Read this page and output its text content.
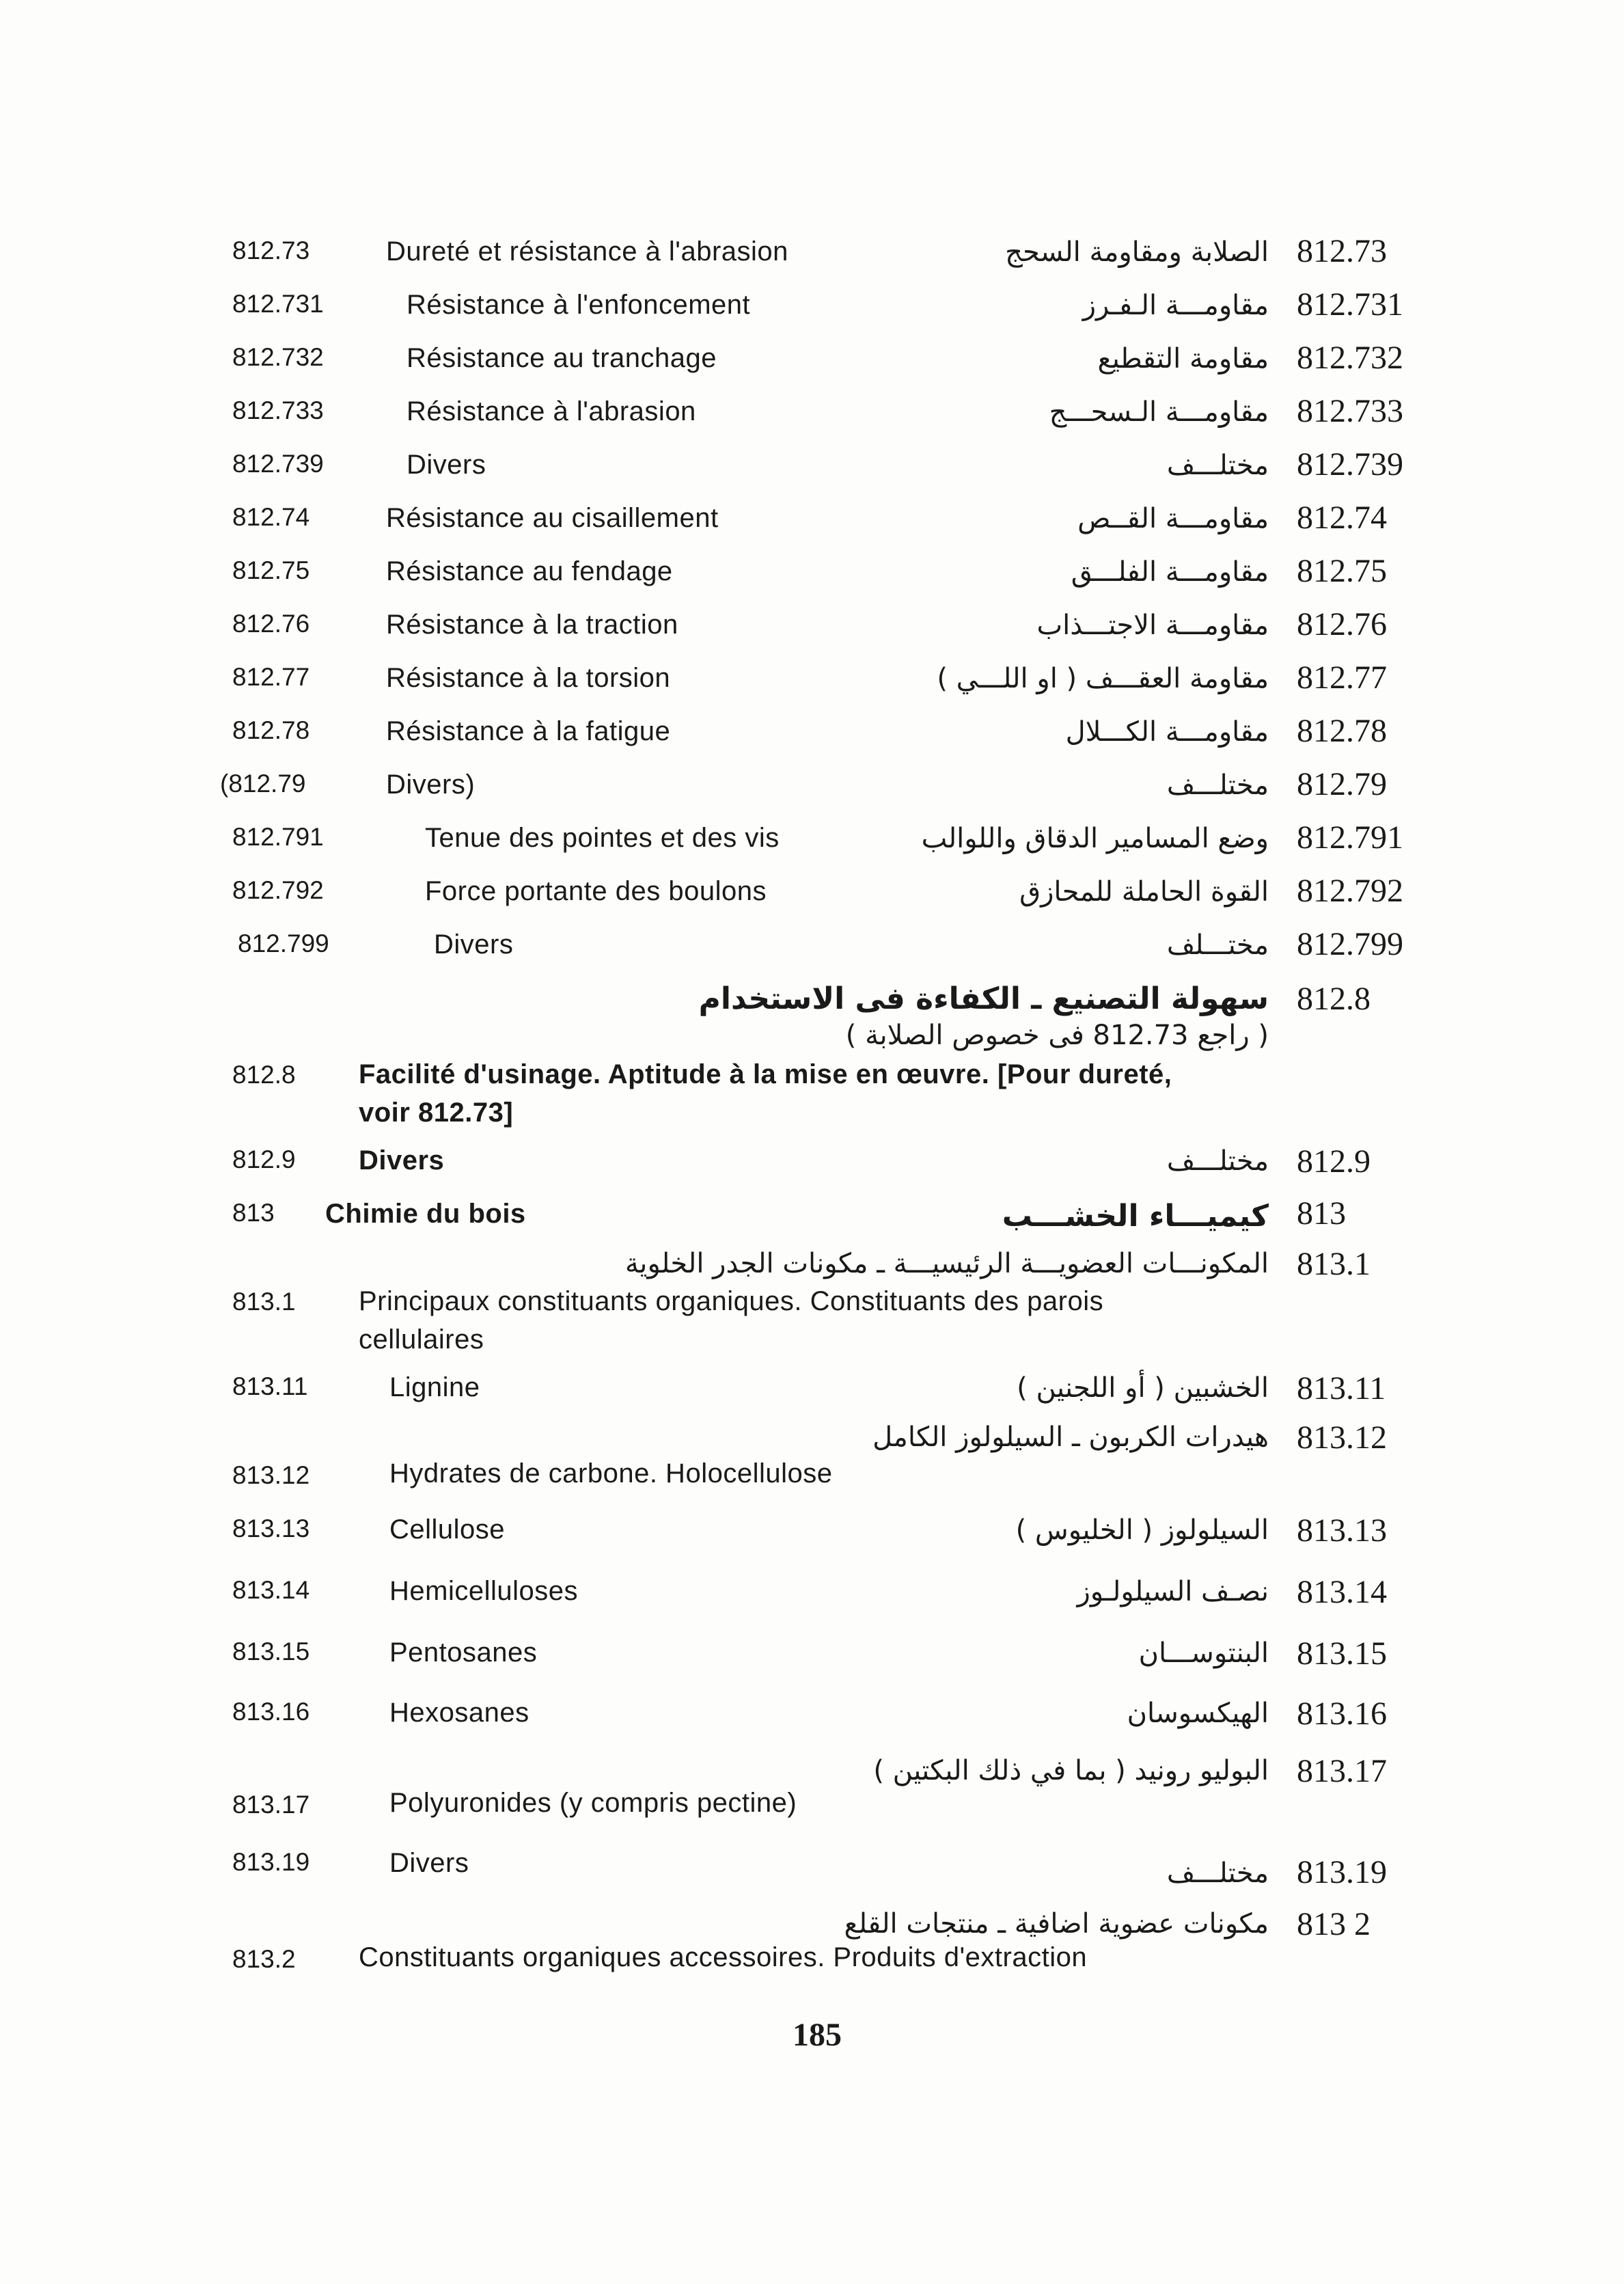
812.73	Dureté et résistance à l'abrasion	الصلابة ومقاومة السحج 812.73
812.731	Résistance à l'enfoncement	مقاومـــة الـفـرز 812.731
812.732	Résistance au tranchage	مقاومة التقطيع 812.732
812.733	Résistance à l'abrasion	مقاومـــة الـسحـــج 812.733
812.739	Divers	مختلـــف 812.739
812.74	Résistance au cisaillement	مقاومـــة القــص 812.74
812.75	Résistance au fendage	مقاومـــة الفلـــق 812.75
812.76	Résistance à la traction	مقاومـــة الاجتـــذاب 812.76
812.77	Résistance à la torsion	مقاومة العقـــف ( او اللـــي ) 812.77
812.78	Résistance à la fatigue	مقاومـــة الكـــلال 812.78
(812.79	Divers)	مختلـــف 812.79
812.791	Tenue des pointes et des vis	وضع المسامير الدقاق واللوالب 812.791
812.792	Force portante des boulons	القوة الحاملة للمحازق 812.792
812.799	Divers	مختـــلف 812.799
سهولة التصنيع ـ الكفاءة فى الاستخدام 812.8
( راجع 812.73 فى خصوص الصلابة )
812.8 Facilité d'usinage. Aptitude à la mise en œuvre. [Pour dureté, voir 812.73]
812.9 Divers	مختلـــف 812.9
813 Chimie du bois	كيميـــاء الخشـــب 813
المكونـــات العضويـــة الرئيسيـــة ـ مكونات الجدر الخلوية 813.1
813.1 Principaux constituants organiques. Constituants des parois cellulaires
813.11	Lignine	الخشبين ( أو اللجنين ) 813.11
هيدرات الكربون ـ السيلولوز الكامل 813.12
813.12	Hydrates de carbone. Holocellulose
813.13	Cellulose	السيلولوز ( الخليوس ) 813.13
813.14	Hemicelluloses	نصـف السيلولـوز 813.14
813.15	Pentosanes	البنتوســـان 813.15
813.16	Hexosanes	الهيكسوسان 813.16
البوليو رونيد ( بما في ذلك البكتين ) 813.17
813.17	Polyuronides (y compris pectine)
813.19	Divers	مختلـــف 813.19
مكونات عضوية اضافية ـ منتجات القلع 813 2
813.2 Constituants organiques accessoires. Produits d'extraction
185
